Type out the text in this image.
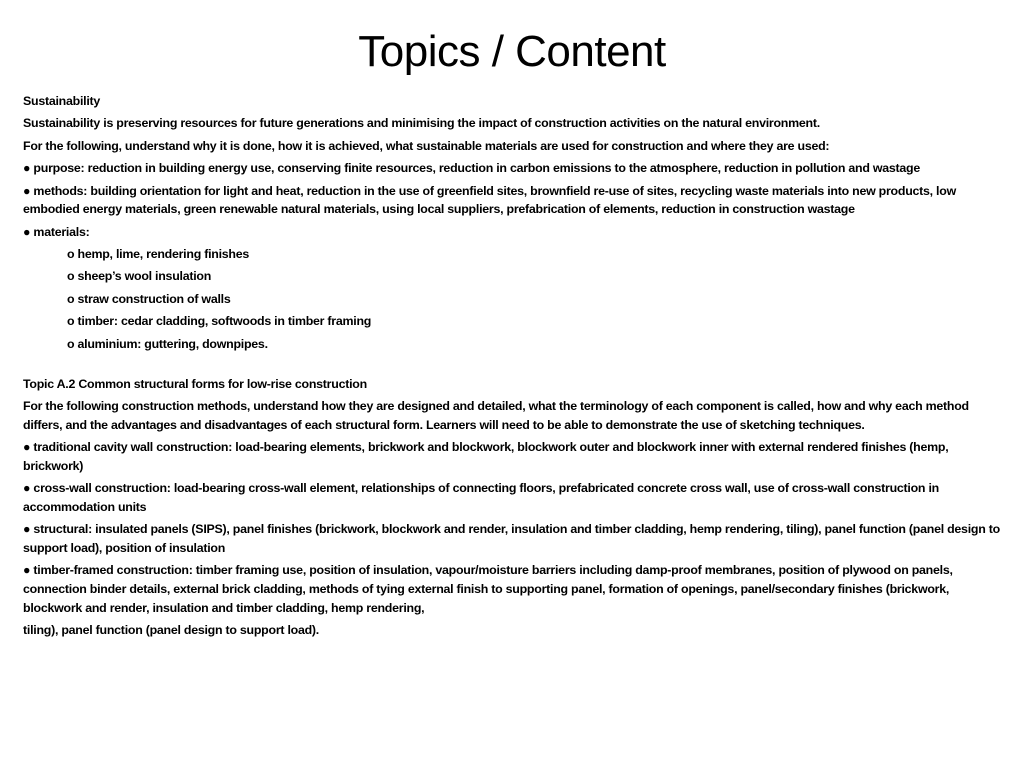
Topics / Content

Sustainability

Sustainability is preserving resources for future generations and minimising the impact of construction activities on the natural environment.

For the following, understand why it is done, how it is achieved, what sustainable materials are used for construction and where they are used:

● purpose: reduction in building energy use, conserving finite resources, reduction in carbon emissions to the atmosphere, reduction in pollution and wastage

● methods: building orientation for light and heat, reduction in the use of greenfield sites, brownfield re-use of sites, recycling waste materials into new products, low embodied energy materials, green renewable natural materials, using local suppliers, prefabrication of elements, reduction in construction wastage

● materials:

o hemp, lime, rendering finishes

o sheep’s wool insulation

o straw construction of walls

o timber: cedar cladding, softwoods in timber framing

o aluminium: guttering, downpipes.

Topic A.2 Common structural forms for low-rise construction

For the following construction methods, understand how they are designed and detailed, what the terminology of each component is called, how and why each method differs, and the advantages and disadvantages of each structural form. Learners will need to be able to demonstrate the use of sketching techniques.

● traditional cavity wall construction: load-bearing elements, brickwork and blockwork, blockwork outer and blockwork inner with external rendered finishes (hemp, brickwork)

● cross-wall construction: load-bearing cross-wall element, relationships of connecting floors, prefabricated concrete cross wall, use of cross-wall construction in accommodation units

● structural: insulated panels (SIPS), panel finishes (brickwork, blockwork and render, insulation and timber cladding, hemp rendering, tiling), panel function (panel design to support load), position of insulation

● timber-framed construction: timber framing use, position of insulation, vapour/moisture barriers including damp-proof membranes, position of plywood on panels, connection binder details, external brick cladding, methods of tying external finish to supporting panel, formation of openings, panel/secondary finishes (brickwork, blockwork and render, insulation and timber cladding, hemp rendering,

tiling), panel function (panel design to support load).
